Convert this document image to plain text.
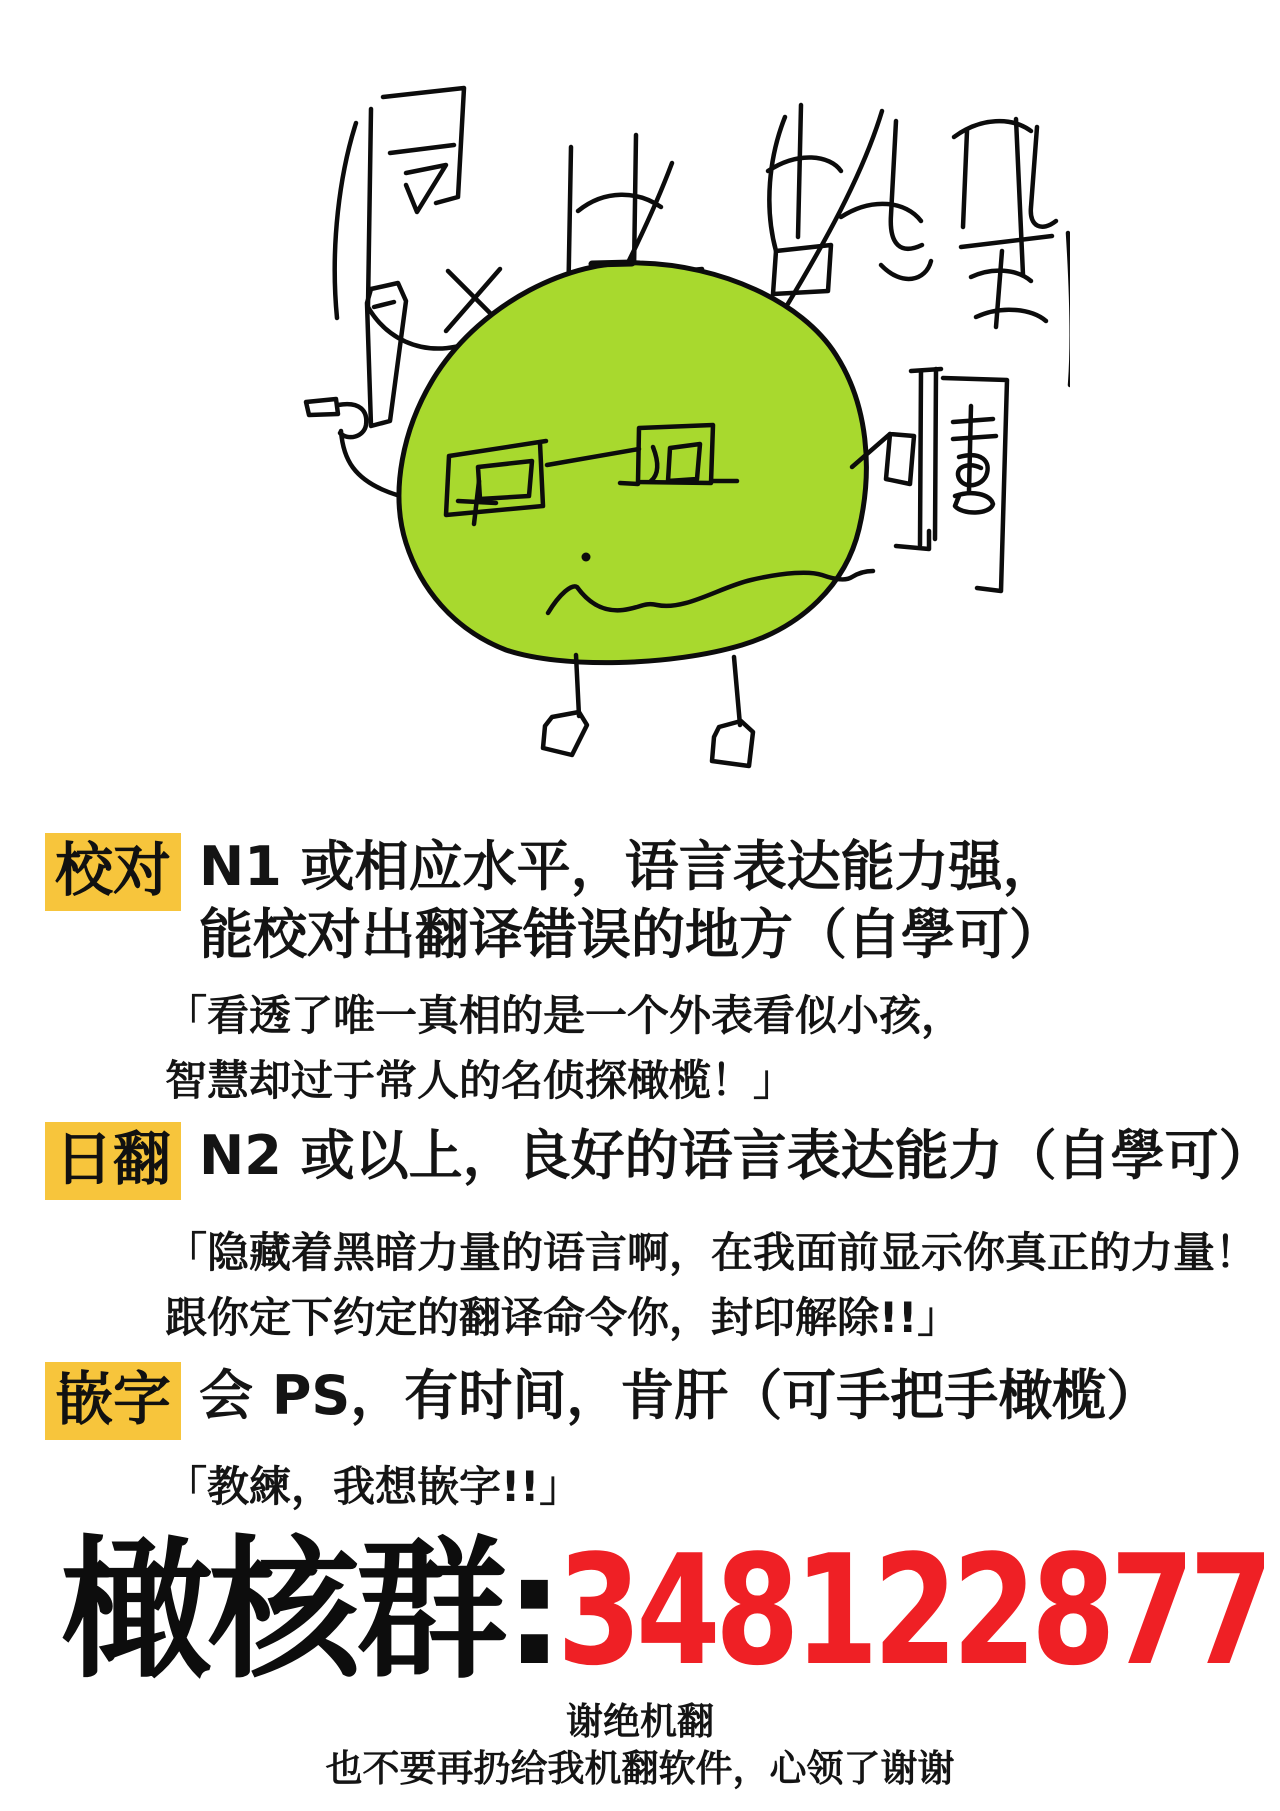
校对 N1 或相应水平，语言表达能力强，
能校对出翻译错误的地方（自學可）
「看透了唯一真相的是一个外表看似小孩，
智慧却过于常人的名侦探橄榄！」
日翻 N2 或以上，良好的语言表达能力（自學可）
「隐藏着黑暗力量的语言啊，在我面前显示你真正的力量！
跟你定下约定的翻译命令你，封印解除!!」
嵌字 会 PS，有时间，肯肝（可手把手橄榄）
「教練，我想嵌字!!」
橄核群:348122877
谢绝机翻
也不要再扔给我机翻软件，心领了谢谢
